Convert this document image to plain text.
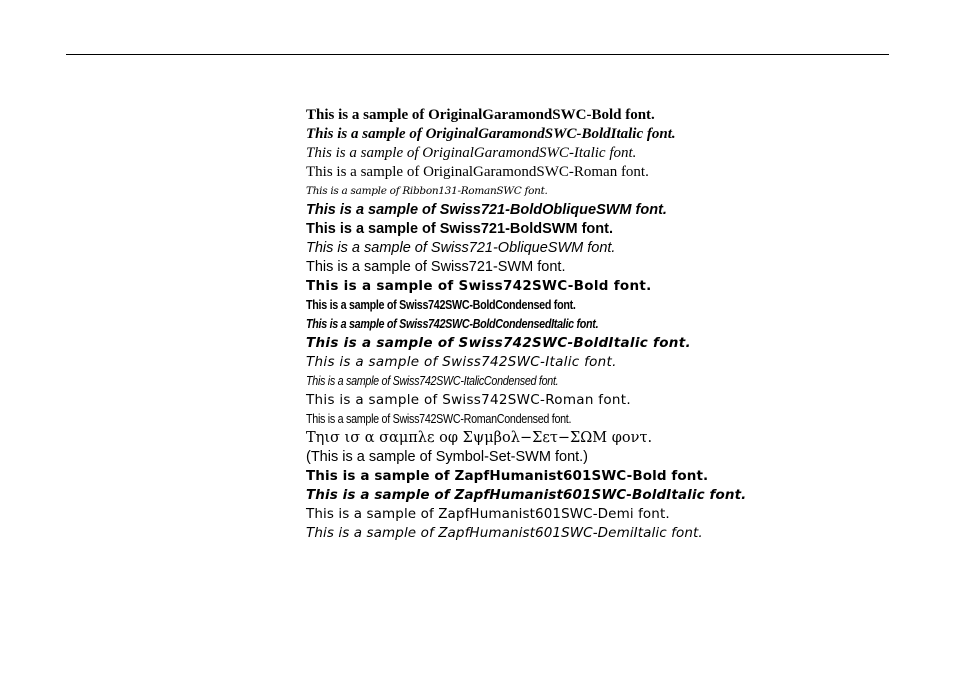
This is a sample of OriginalGaramondSWC-Bold font.
This is a sample of OriginalGaramondSWC-BoldItalic font.
This is a sample of OriginalGaramondSWC-Italic font.
This is a sample of OriginalGaramondSWC-Roman font.
This is a sample of Ribbon131-RomanSWC font.
This is a sample of Swiss721-BoldObliqueSWM font.
This is a sample of Swiss721-BoldSWM font.
This is a sample of Swiss721-ObliqueSWM font.
This is a sample of Swiss721-SWM font.
This is a sample of Swiss742SWC-Bold font.
This is a sample of Swiss742SWC-BoldCondensed font.
This is a sample of Swiss742SWC-BoldCondensedItalic font.
This is a sample of Swiss742SWC-BoldItalic font.
This is a sample of Swiss742SWC-Italic font.
This is a sample of Swiss742SWC-ItalicCondensed font.
This is a sample of Swiss742SWC-Roman font.
This is a sample of Swiss742SWC-RomanCondensed font.
Τηισ ισ α σαμπλε οφ Σψμβολ−Σετ−ΣΩΜ φοντ.
(This is a sample of Symbol-Set-SWM font.)
This is a sample of ZapfHumanist601SWC-Bold font.
This is a sample of ZapfHumanist601SWC-BoldItalic font.
This is a sample of ZapfHumanist601SWC-Demi font.
This is a sample of ZapfHumanist601SWC-DemiItalic font.
